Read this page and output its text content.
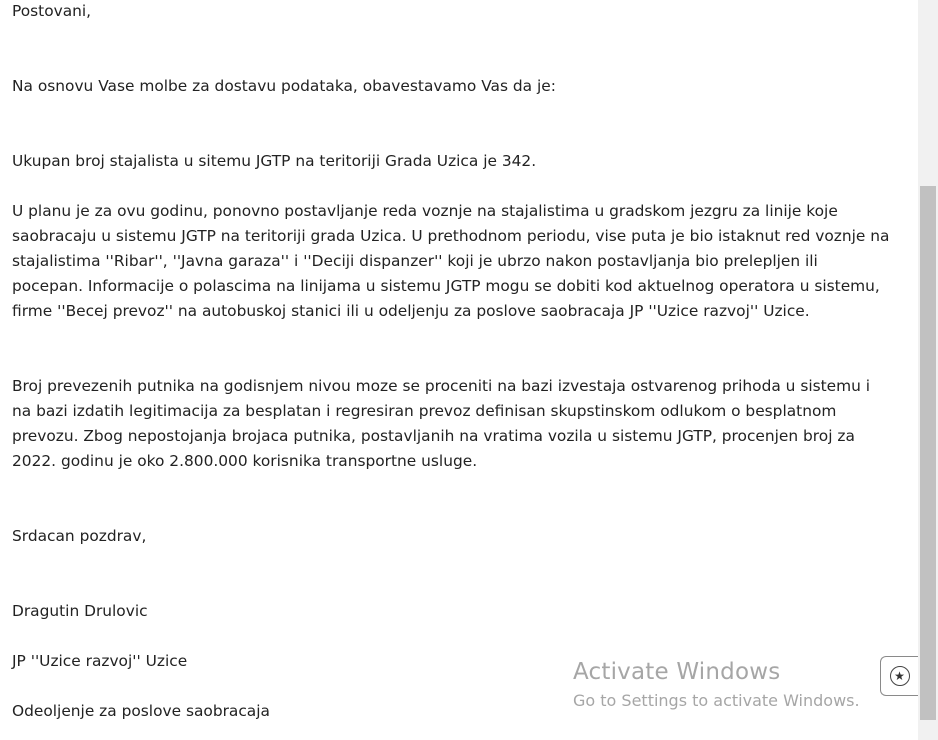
Postovani,

Na osnovu Vase molbe za dostavu podataka, obavestavamo Vas da je:

Ukupan broj stajalista u sitemu JGTP na teritoriji Grada Uzica je 342.

U planu je za ovu godinu, ponovno postavljanje reda voznje na stajalistima u gradskom jezgru za linije koje saobracaju u sistemu JGTP na teritoriji grada Uzica. U prethodnom periodu, vise puta je bio istaknut red voznje na stajalistima ''Ribar'', ''Javna garaza'' i ''Deciji dispanzer'' koji je ubrzo nakon postavljanja bio prelepljen ili pocepan. Informacije o polascima na linijama u sistemu JGTP mogu se dobiti kod aktuelnog operatora u sistemu, firme ''Becej prevoz'' na autobuskoj stanici ili u odeljenju za poslove saobracaja JP ''Uzice razvoj'' Uzice.

Broj prevezenih putnika na godisnjem nivou moze se proceniti na bazi izvestaja ostvarenog prihoda u sistemu i na bazi izdatih legitimacija za besplatan i regresiran prevoz definisan skupstinskom odlukom o besplatnom prevozu. Zbog nepostojanja brojaca putnika, postavljanih na vratima vozila u sistemu JGTP, procenjen broj za 2022. godinu je oko 2.800.000 korisnika transportne usluge.

Srdacan pozdrav,

Dragutin Drulovic

JP ''Uzice razvoj'' Uzice

Odeoljenje za poslove saobracaja

Activate Windows
Go to Settings to activate Windows.
★
